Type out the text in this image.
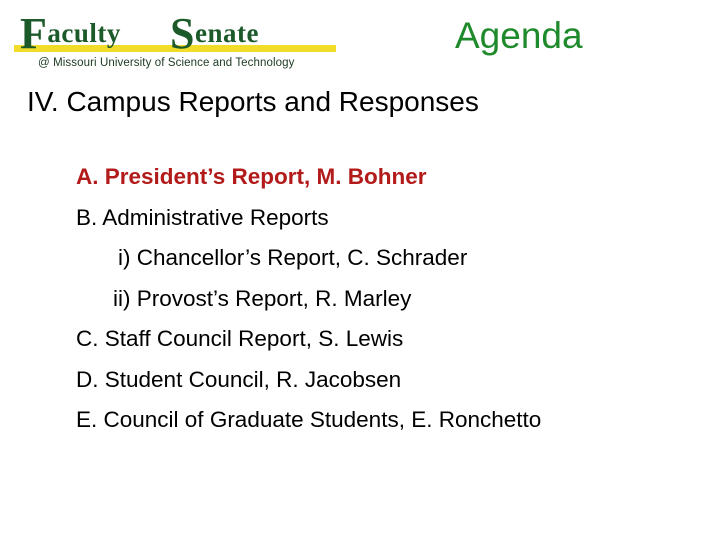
Faculty Senate
@ Missouri University of Science and Technology
Agenda
IV. Campus Reports and Responses
A. President’s Report, M. Bohner
B. Administrative Reports
i) Chancellor’s Report, C. Schrader
ii) Provost’s Report, R. Marley
C. Staff Council Report, S. Lewis
D. Student Council, R. Jacobsen
E. Council of Graduate Students, E. Ronchetto
